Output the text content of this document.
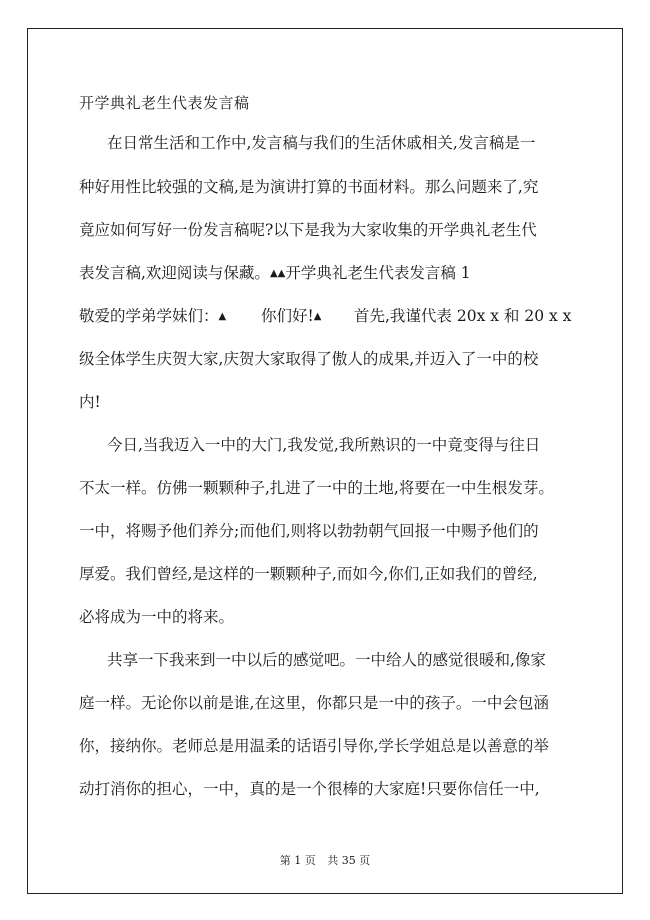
开学典礼老生代表发言稿
在日常生活和工作中,发言稿与我们的生活休戚相关,发言稿是一
种好用性比较强的文稿,是为演讲打算的书面材料。那么问题来了,究
竟应如何写好一份发言稿呢?以下是我为大家收集的开学典礼老生代
表发言稿,欢迎阅读与保藏。▲▲开学典礼老生代表发言稿 1
敬爱的学弟学妹们：▲ 你们好!▲ 首先,我谨代表 20x x 和 20 x x
级全体学生庆贺大家,庆贺大家取得了傲人的成果,并迈入了一中的校
内!
今日,当我迈入一中的大门,我发觉,我所熟识的一中竟变得与往日
不太一样。仿佛一颗颗种子,扎进了一中的土地,将要在一中生根发芽。
一中，将赐予他们养分;而他们,则将以勃勃朝气回报一中赐予他们的
厚爱。我们曾经,是这样的一颗颗种子,而如今,你们,正如我们的曾经,
必将成为一中的将来。
共享一下我来到一中以后的感觉吧。一中给人的感觉很暖和,像家
庭一样。无论你以前是谁,在这里，你都只是一中的孩子。一中会包涵
你，接纳你。老师总是用温柔的话语引导你,学长学姐总是以善意的举
动打消你的担心，一中，真的是一个很棒的大家庭!只要你信任一中,
第 1 页 共 35 页
